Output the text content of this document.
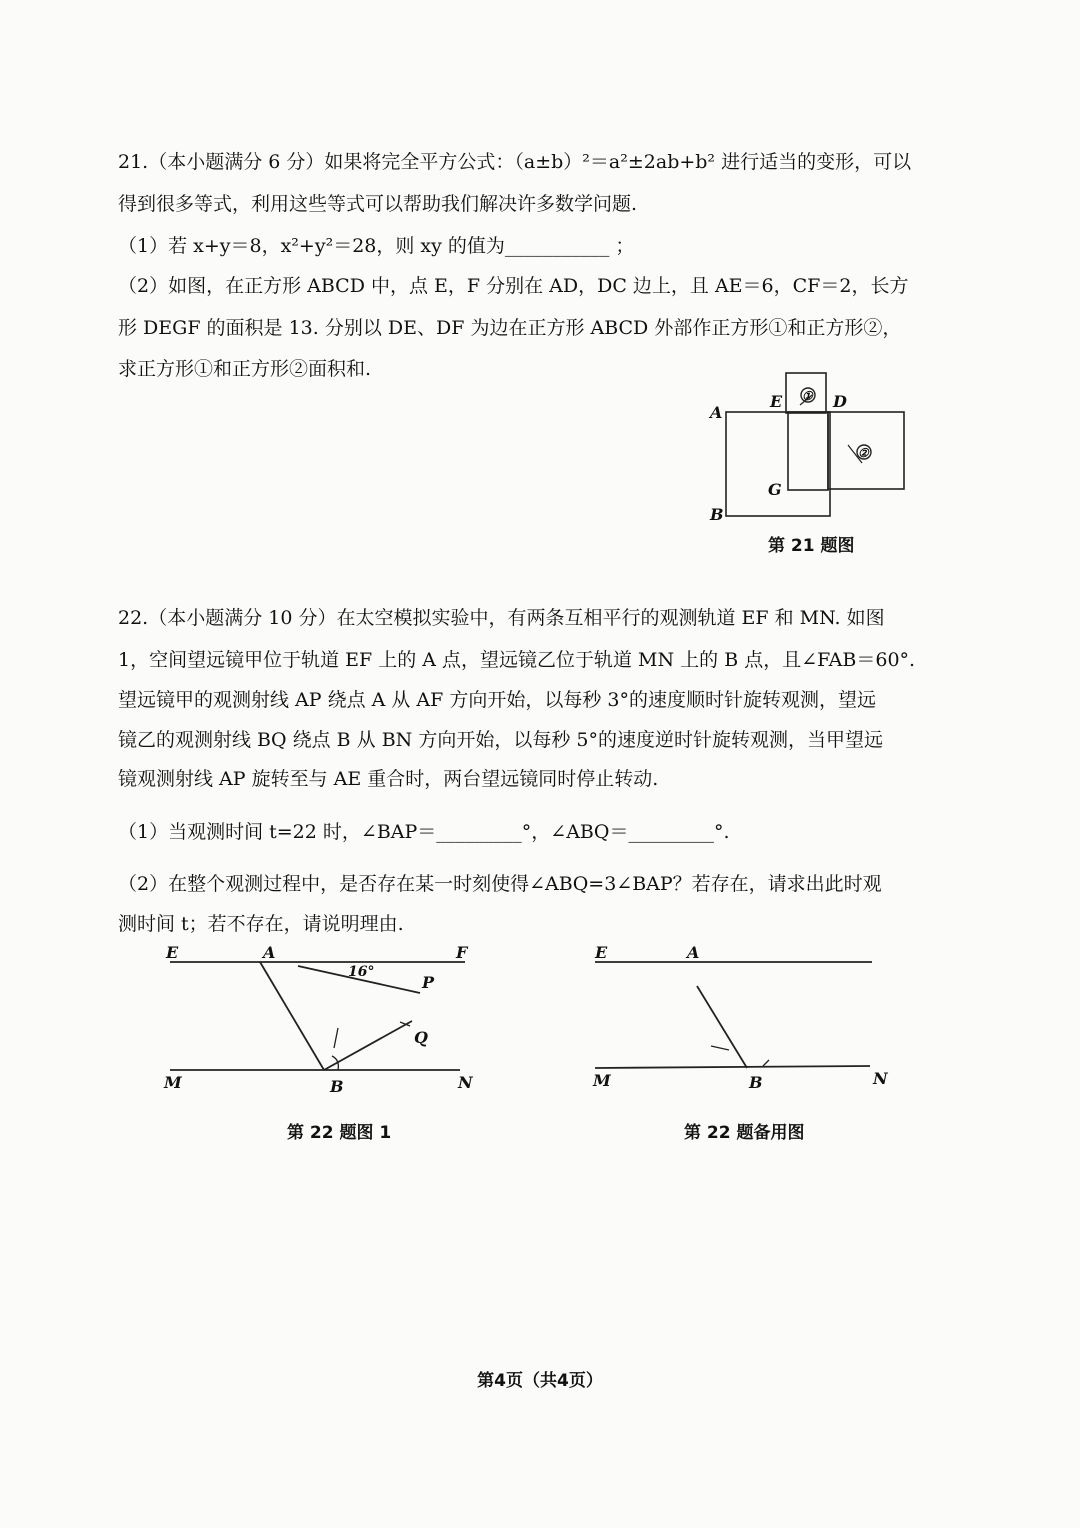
21.（本小题满分 6 分）如果将完全平方公式：（a±b）²＝a²±2ab+b² 进行适当的变形，可以
得到很多等式，利用这些等式可以帮助我们解决许多数学问题.
（1）若 x+y＝8，x²+y²＝28，则 xy 的值为___________ ；
（2）如图，在正方形 ABCD 中，点 E，F 分别在 AD，DC 边上，且 AE＝6，CF＝2，长方
形 DEGF 的面积是 13. 分别以 DE、DF 为边在正方形 ABCD 外部作正方形①和正方形②，
求正方形①和正方形②面积和.
A
B
E	D
G
①
②
第 21 题图
22.（本小题满分 10 分）在太空模拟实验中，有两条互相平行的观测轨道 EF 和 MN. 如图
1，空间望远镜甲位于轨道 EF 上的 A 点，望远镜乙位于轨道 MN 上的 B 点，且∠FAB＝60°.
望远镜甲的观测射线 AP 绕点 A 从 AF 方向开始，以每秒 3°的速度顺时针旋转观测，望远
镜乙的观测射线 BQ 绕点 B 从 BN 方向开始，以每秒 5°的速度逆时针旋转观测，当甲望远
镜观测射线 AP 旋转至与 AE 重合时，两台望远镜同时停止转动.
（1）当观测时间 t=22 时，∠BAP＝_________°，∠ABQ＝_________°.
（2）在整个观测过程中，是否存在某一时刻使得∠ABQ=3∠BAP？若存在，请求出此时观
测时间 t；若不存在，请说明理由.
E	A	F
P
Q
M	B	N
16°
第 22 题图 1
E	A
M	B	N
第 22 题备用图
第4页（共4页）
